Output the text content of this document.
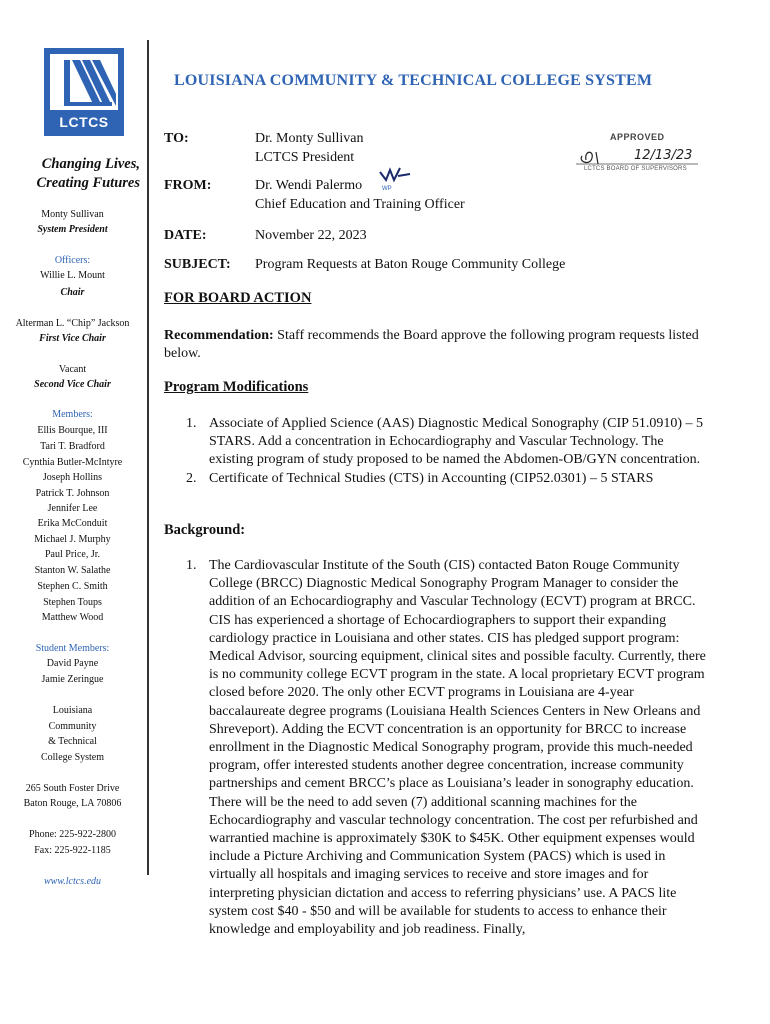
LCTCS
Changing Lives,
Creating Futures
Monty Sullivan
System President
Officers:
Willie L. Mount
Chair
Alterman L. “Chip” Jackson
First Vice Chair
Vacant
Second Vice Chair
Members:
Ellis Bourque, III
Tari T. Bradford
Cynthia Butler-McIntyre
Joseph Hollins
Patrick T. Johnson
Jennifer Lee
Erika McConduit
Michael J. Murphy
Paul Price, Jr.
Stanton W. Salathe
Stephen C. Smith
Stephen Toups
Matthew Wood
Student Members:
David Payne
Jamie Zeringue
Louisiana
Community
& Technical
College System
265 South Foster Drive
Baton Rouge, LA 70806
Phone: 225-922-2800
Fax: 225-922-1185
www.lctcs.edu
LOUISIANA COMMUNITY & TECHNICAL COLLEGE SYSTEM
APPROVED
12/13/23
LCTCS BOARD OF SUPERVISORS
TO:	Dr. Monty Sullivan
LCTCS President
FROM:	Dr. Wendi Palermo	WP
Chief Education and Training Officer
DATE:	November 22, 2023
SUBJECT: Program Requests at Baton Rouge Community College
FOR BOARD ACTION
Recommendation: Staff recommends the Board approve the following program requests listed below.
Program Modifications
1. Associate of Applied Science (AAS) Diagnostic Medical Sonography (CIP 51.0910) – 5 STARS. Add a concentration in Echocardiography and Vascular Technology. The existing program of study proposed to be named the Abdomen-OB/GYN concentration.
2. Certificate of Technical Studies (CTS) in Accounting (CIP52.0301) – 5 STARS
Background:
1. The Cardiovascular Institute of the South (CIS) contacted Baton Rouge Community College (BRCC) Diagnostic Medical Sonography Program Manager to consider the addition of an Echocardiography and Vascular Technology (ECVT) program at BRCC. CIS has experienced a shortage of Echocardiographers to support their expanding cardiology practice in Louisiana and other states. CIS has pledged support program: Medical Advisor, sourcing equipment, clinical sites and possible faculty. Currently, there is no community college ECVT program in the state. A local proprietary ECVT program closed before 2020. The only other ECVT programs in Louisiana are 4-year baccalaureate degree programs (Louisiana Health Sciences Centers in New Orleans and Shreveport). Adding the ECVT concentration is an opportunity for BRCC to increase enrollment in the Diagnostic Medical Sonography program, provide this much-needed program, offer interested students another degree concentration, increase community partnerships and cement BRCC’s place as Louisiana’s leader in sonography education. There will be the need to add seven (7) additional scanning machines for the Echocardiography and vascular technology concentration. The cost per refurbished and warrantied machine is approximately $30K to $45K. Other equipment expenses would include a Picture Archiving and Communication System (PACS) which is used in virtually all hospitals and imaging services to receive and store images and for interpreting physician dictation and access to referring physicians’ use. A PACS lite system cost $40 - $50 and will be available for students to access to enhance their knowledge and employability and job readiness. Finally,
